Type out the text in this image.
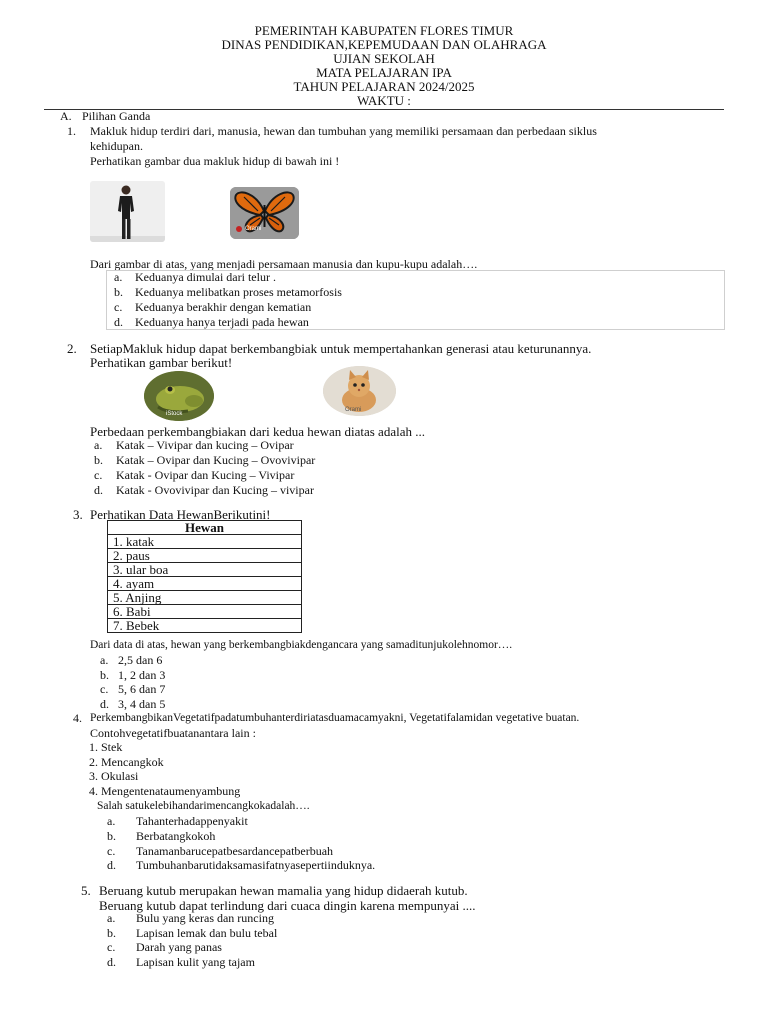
PEMERINTAH KABUPATEN FLORES TIMUR
DINAS PENDIDIKAN,KEPEMUDAAN DAN OLAHRAGA
UJIAN SEKOLAH
MATA PELAJARAN IPA
TAHUN PELAJARAN 2024/2025
WAKTU :
A. Pilihan Ganda
1. Makluk hidup terdiri dari, manusia, hewan dan tumbuhan yang memiliki persamaan dan perbedaan siklus
kehidupan.
Perhatikan gambar dua makluk hidup di bawah ini !
Orami
Dari gambar di atas, yang menjadi persamaan manusia dan kupu-kupu adalah….
a. Keduanya dimulai dari telur .
b. Keduanya melibatkan proses metamorfosis
c. Keduanya berakhir dengan kematian
d. Keduanya hanya terjadi pada hewan
2. SetiapMakluk hidup dapat berkembangbiak untuk mempertahankan generasi atau keturunannya.
Perhatikan gambar berikut!
iStock
Orami
Perbedaan perkembangbiakan dari kedua hewan diatas adalah ...
a. Katak – Vivipar dan kucing – Ovipar
b. Katak – Ovipar dan Kucing – Ovovivipar
c. Katak - Ovipar dan Kucing – Vivipar
d. Katak - Ovovivipar dan Kucing – vivipar
3. Perhatikan Data HewanBerikutini!
Hewan
1. katak
2. paus
3. ular boa
4. ayam
5. Anjing
6. Babi
7. Bebek
Dari data di atas, hewan yang berkembangbiakdengancara yang samaditunjukolehnomor….
a. 2,5 dan 6
b. 1, 2 dan 3
c. 5, 6 dan 7
d. 3, 4 dan 5
4. PerkembangbikanVegetatifpadatumbuhanterdiriatasduamacamyakni, Vegetatifalamidan vegetative buatan.
Contohvegetatifbuatanantara lain :
1. Stek
2. Mencangkok
3. Okulasi
4. Mengentenataumenyambung
Salah satukelebihandarimencangkokadalah….
a. Tahanterhadappenyakit
b. Berbatangkokoh
c. Tanamanbarucepatbesardancepatberbuah
d. Tumbuhanbarutidaksamasifatnyasepertiinduknya.
5. Beruang kutub merupakan hewan mamalia yang hidup didaerah kutub.
Beruang kutub dapat terlindung dari cuaca dingin karena mempunyai ....
a. Bulu yang keras dan runcing
b. Lapisan lemak dan bulu tebal
c. Darah yang panas
d. Lapisan kulit yang tajam
